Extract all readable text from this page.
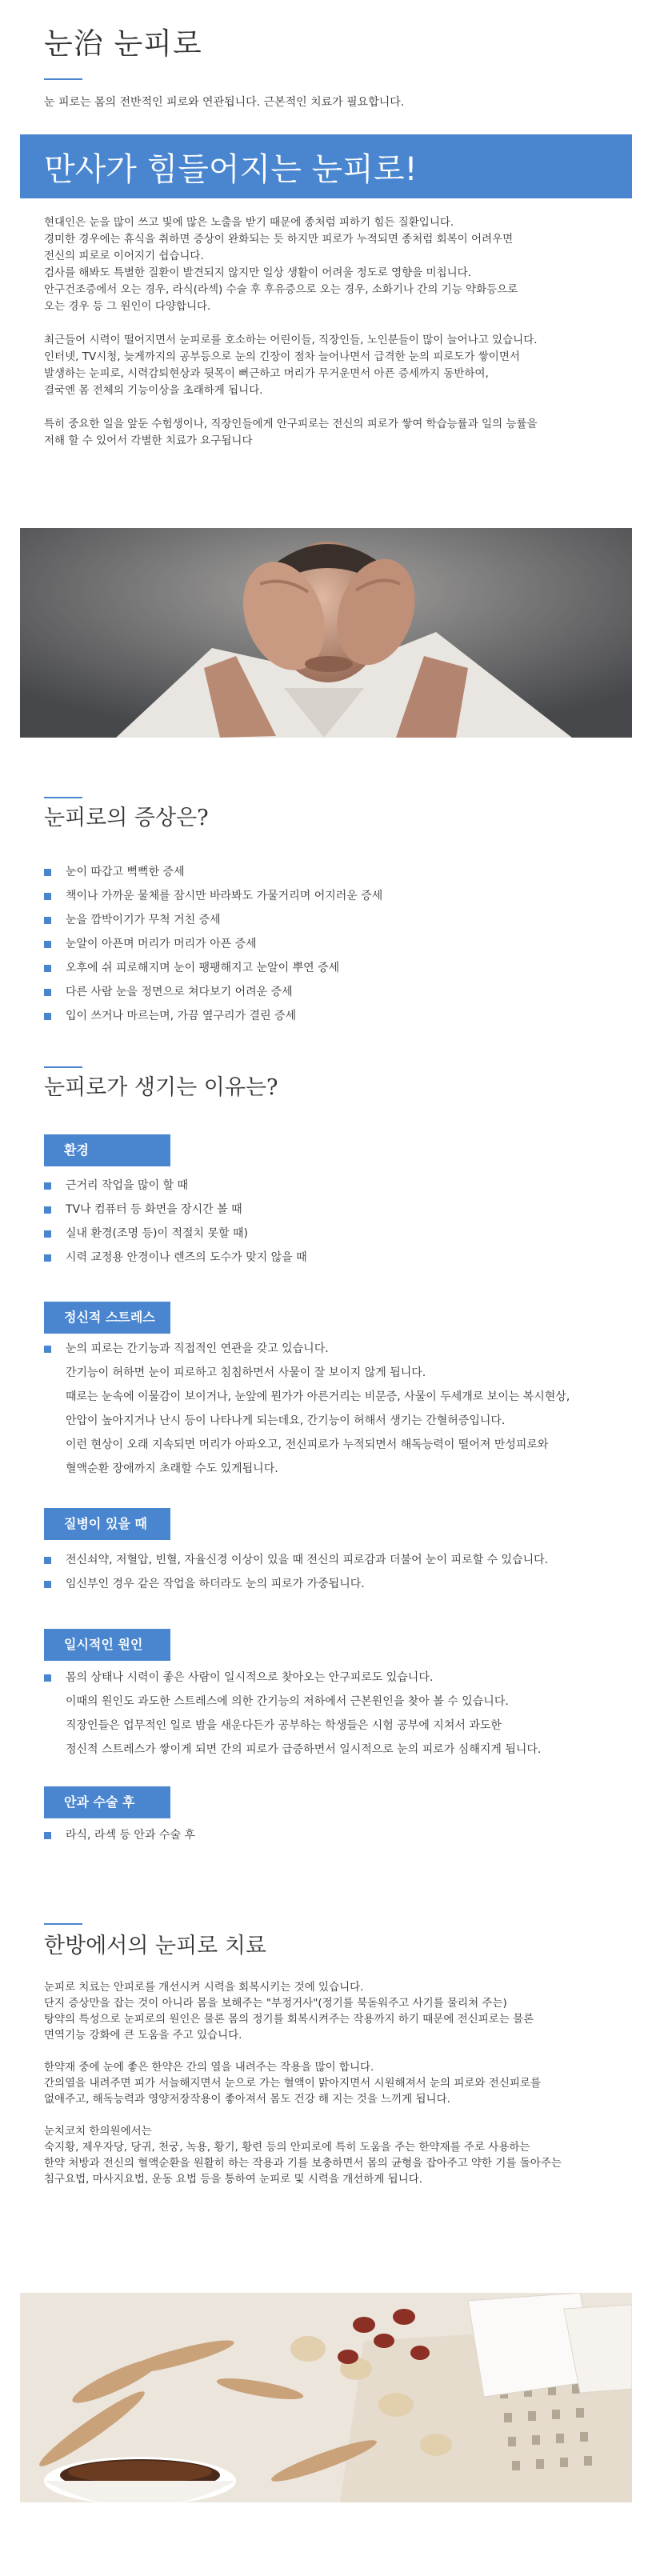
눈治 눈피로
눈 피로는 몸의 전반적인 피로와 연관됩니다. 근본적인 치료가 필요합니다.
만사가 힘들어지는 눈피로!

현대인은 눈을 많이 쓰고 빛에 많은 노출을 받기 때문에 종처럼 피하기 힘든 질환입니다.
경미한 경우에는 휴식을 취하면 증상이 완화되는 듯 하지만 피로가 누적되면 종처럼 회복이 어려우면
전신의 피로로 이어지기 쉽습니다.
검사를 해봐도 특별한 질환이 발견되지 않지만 일상 생활이 어려울 정도로 영향을 미칩니다.
안구건조증에서 오는 경우, 라식(라섹) 수술 후 후유증으로 오는 경우, 소화기나 간의 기능 약화등으로
오는 경우 등 그 원인이 다양합니다.

최근들어 시력이 떨어지면서 눈피로를 호소하는 어린이들, 직장인들, 노인분들이 많이 늘어나고 있습니다.
인터넷, TV시청, 늦게까지의 공부등으로 눈의 긴장이 점차 늘어나면서 급격한 눈의 피로도가 쌓이면서
발생하는 눈피로, 시력감퇴현상과 뒷목이 뻐근하고 머리가 무거운면서 아픈 증세까지 동반하여,
결국엔 몸 전체의 기능이상을 초래하게 됩니다.

특히 중요한 일을 앞둔 수험생이나, 직장인들에게 안구피로는 전신의 피로가 쌓여 학습능률과 일의 능률을
저해 할 수 있어서 각별한 치료가 요구됩니다

눈피로의 증상은?
눈이 따갑고 뻑뻑한 증세
책이나 가까운 물체를 잠시만 바라봐도 가물거리며 어지러운 증세
눈을 깜박이기가 무척 거친 증세
눈알이 아픈며 머리가 머리가 아픈 증세
오후에 쉬 피로해지며 눈이 팽팽해지고 눈알이 뿌연 증세
다른 사람 눈을 정면으로 쳐다보기 어려운 증세
입이 쓰거나 마르는며, 가끔 옆구리가 결린 증세
눈피로가 생기는 이유는?
환경
근거리 작업을 많이 할 때
TV나 컴퓨터 등 화면을 장시간 볼 때
실내 환경(조명 등)이 적절치 못할 때)
시력 교정용 안경이나 렌즈의 도수가 맞지 않을 때
정신적 스트레스
눈의 피로는 간기능과 직접적인 연관을 갖고 있습니다.
간기능이 허하면 눈이 피로하고 침침하면서 사물이 잘 보이지 않게 됩니다.
때로는 눈속에 이물감이 보이거나, 눈앞에 뭔가가 아른거리는 비문증, 사물이 두세개로 보이는 복시현상,
안압이 높아지거나 난시 등이 나타나게 되는데요, 간기능이 허해서 생기는 간혈허증입니다.
이런 현상이 오래 지속되면 머리가 아파오고, 전신피로가 누적되면서 해독능력이 떨어져 만성피로와
혈액순환 장애까지 초래할 수도 있게됩니다.
질병이 있을 때
전신쇠약, 저혈압, 빈혈, 자율신경 이상이 있을 때 전신의 피로감과 더불어 눈이 피로할 수 있습니다.
임신부인 경우 같은 작업을 하더라도 눈의 피로가 가중됩니다.
일시적인 원인
몸의 상태나 시력이 좋은 사람이 일시적으로 찾아오는 안구피로도 있습니다.
이때의 원인도 과도한 스트레스에 의한 간기능의 저하에서 근본원인을 찾아 볼 수 있습니다.
직장인들은 업무적인 일로 밤을 새운다든가 공부하는 학생들은 시험 공부에 지쳐서 과도한
정신적 스트레스가 쌓이게 되면 간의 피로가 급증하면서 일시적으로 눈의 피로가 심해지게 됩니다.
안과 수술 후
라식, 라섹 등 안과 수술 후
한방에서의 눈피로 치료

눈피로 치료는 안피로를 개선시켜 시력을 회복시키는 것에 있습니다.
단지 증상만을 잡는 것이 아니라 몸을 보해주는 "부정거사"(정기를 북돋워주고 사기를 물리쳐 주는)
탕약의 특성으로 눈피로의 원인은 물론 몸의 정기를 회복시켜주는 작용까지 하기 때문에 전신피로는 물론
면역기능 강화에 큰 도움을 주고 있습니다.

한약재 중에 눈에 좋은 한약은 간의 열을 내려주는 작용을 많이 합니다.
간의열을 내려주면 피가 서늘해지면서 눈으로 가는 혈액이 맑아지면서 시원해져서 눈의 피로와 전신피로를
없애주고, 해독능력과 영양저장작용이 좋아져서 몸도 건강 해 지는 것을 느끼게 됩니다.

눈치코치 한의원에서는
숙지황, 제우자당, 당귀, 천궁, 녹용, 황기, 황련 등의 안피로에 특히 도움을 주는 한약재를 주로 사용하는
한약 처방과 전신의 혈액순환을 원활히 하는 작용과 기를 보충하면서 몸의 균형을 잡아주고 약한 기를 돌아주는
침구요법, 마사지요법, 운동 요법 등을 통하여 눈피로 및 시력을 개선하게 됩니다.
